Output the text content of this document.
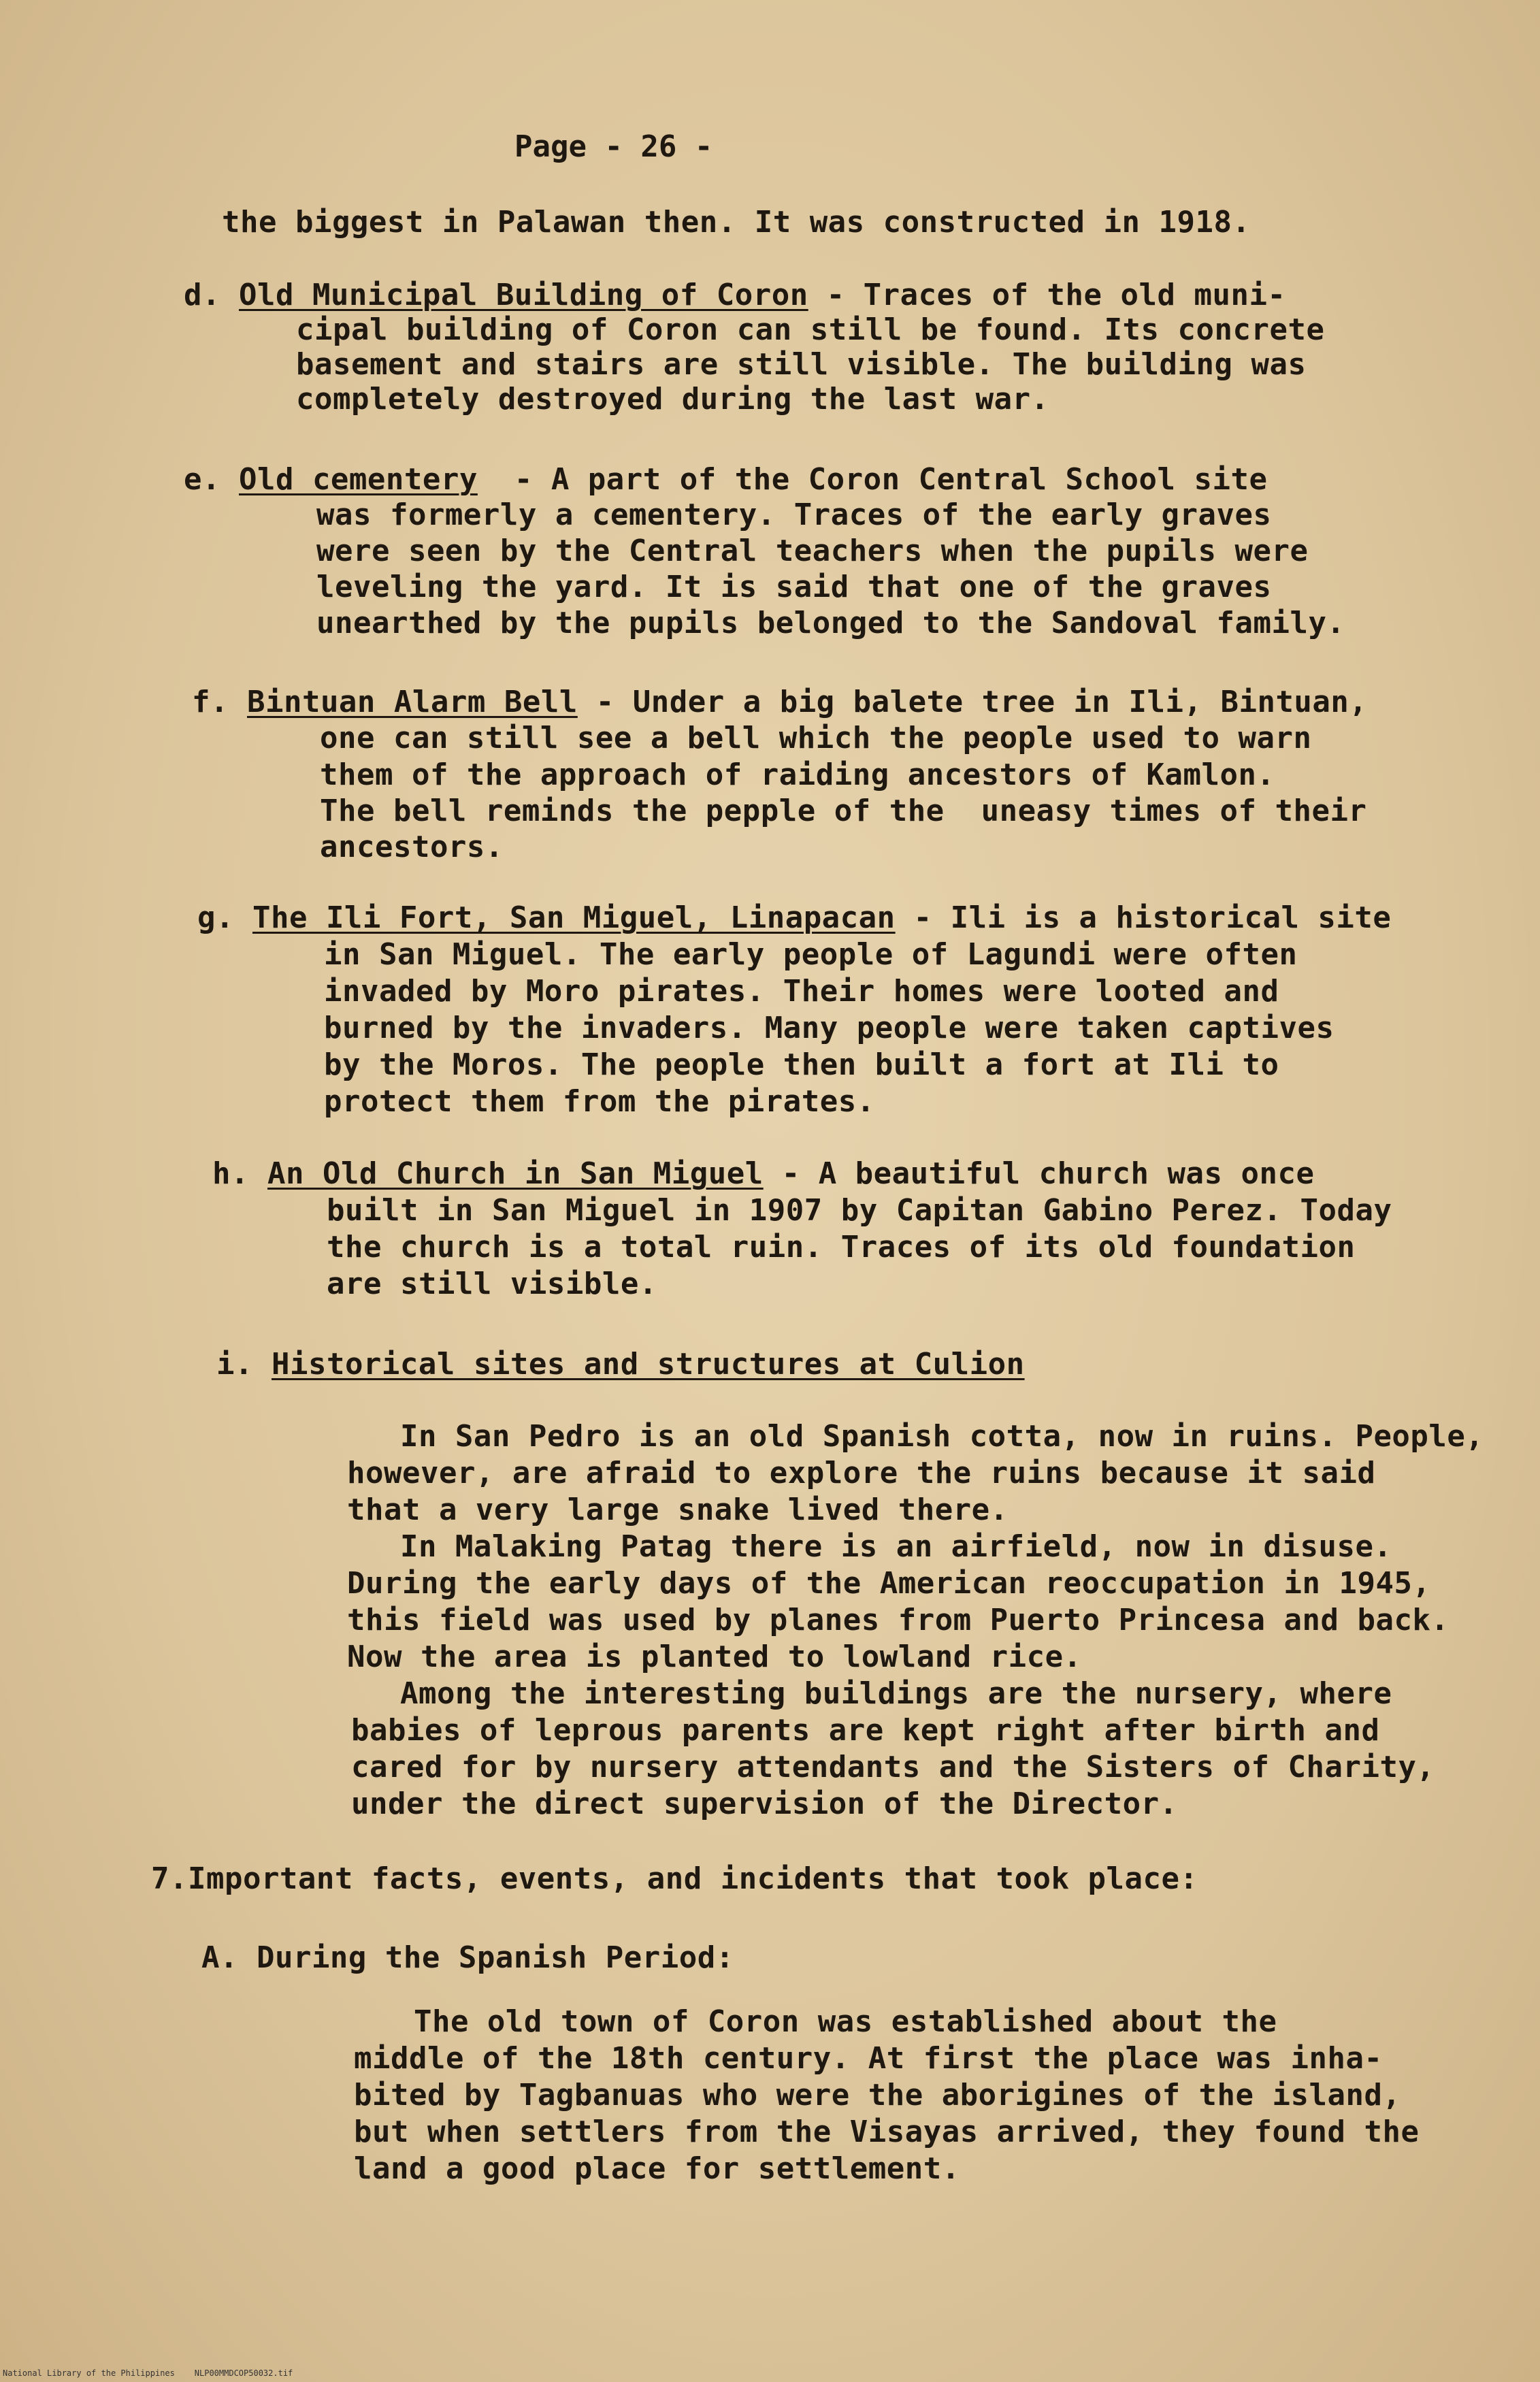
Page - 26 -
the biggest in Palawan then. It was constructed in 1918.
d. Old Municipal Building of Coron - Traces of the old muni-
cipal building of Coron can still be found. Its concrete
basement and stairs are still visible. The building was
completely destroyed during the last war.
e. Old cementery  - A part of the Coron Central School site
was formerly a cementery. Traces of the early graves
were seen by the Central teachers when the pupils were
leveling the yard. It is said that one of the graves
unearthed by the pupils belonged to the Sandoval family.
f. Bintuan Alarm Bell - Under a big balete tree in Ili, Bintuan,
one can still see a bell which the people used to warn
them of the approach of raiding ancestors of Kamlon.
The bell reminds the pepple of the  uneasy times of their
ancestors.
g. The Ili Fort, San Miguel, Linapacan - Ili is a historical site
in San Miguel. The early people of Lagundi were often
invaded by Moro pirates. Their homes were looted and
burned by the invaders. Many people were taken captives
by the Moros. The people then built a fort at Ili to
protect them from the pirates.
h. An Old Church in San Miguel - A beautiful church was once
built in San Miguel in 1907 by Capitan Gabino Perez. Today
the church is a total ruin. Traces of its old foundation
are still visible.
i. Historical sites and structures at Culion
In San Pedro is an old Spanish cotta, now in ruins. People,
however, are afraid to explore the ruins because it said
that a very large snake lived there.
In Malaking Patag there is an airfield, now in disuse.
During the early days of the American reoccupation in 1945,
this field was used by planes from Puerto Princesa and back.
Now the area is planted to lowland rice.
Among the interesting buildings are the nursery, where
babies of leprous parents are kept right after birth and
cared for by nursery attendants and the Sisters of Charity,
under the direct supervision of the Director.
7.Important facts, events, and incidents that took place:
A. During the Spanish Period:
The old town of Coron was established about the
middle of the 18th century. At first the place was inha-
bited by Tagbanuas who were the aborigines of the island,
but when settlers from the Visayas arrived, they found the
land a good place for settlement.
National Library of the Philippines NLP00MMDCOP50032.tif
